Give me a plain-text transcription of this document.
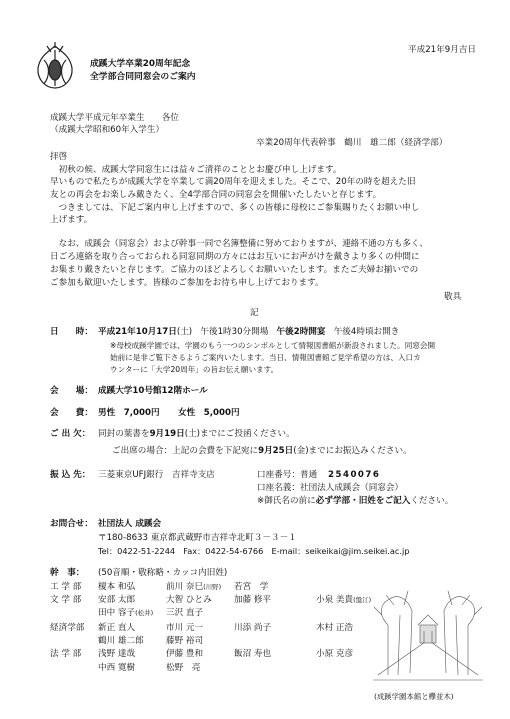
平成21年9月吉日
成蹊大学卒業20周年記念
全学部合同同窓会のご案内
成蹊大学平成元年卒業生　　各位
（成蹊大学昭和60年入学生）
卒業20周年代表幹事　鶴川　雄二郎（経済学部）
拝啓
　初秋の候、成蹊大学同窓生には益々ご清祥のこととお慶び申し上げます。
早いもので私たちが成蹊大学を卒業して満20周年を迎えました。そこで、20年の時を超えた旧
友との再会をお楽しみ戴きたく、全4学部合同の同窓会を開催いたしたいと存じます。
　つきましては、下記ご案内申し上げますので、多くの皆様に母校にご参集賜りたくお願い申し
上げます。
　なお、成蹊会（同窓会）および幹事一同で名簿整備に努めておりますが、連絡不通の方も多く、
日ごろ連絡を取り合っておられる同窓同期の方々にはお互いにお声がけを戴きより多くの仲間に
お集まり戴きたいと存じます。ご協力のほどよろしくお願いいたします。またご夫婦お揃いでの
ご参加も歓迎いたします。皆様のご参加をお待ち申し上げております。
敬具
記
日　　時： 平成21年10月17日(土) 午後1時30分開場 午後2時開宴 午後4時頃お開き
※母校成蹊学園では、学園のもう一つのシンボルとして情報図書館が新設されました。同窓会開
始前に是非ご覧下さるようご案内いたします。当日、情報図書館ご見学希望の方は、入口カ
ウンターに「大学20周年」の旨お伝え願います。
会　　場： 成蹊大学10号館12階ホール
会　　費： 男性　7,000円 女性　5,000円
ご 出 欠： 同封の葉書を9月19日(土)までにご投函ください。
ご出席の場合：上記の会費を下記宛に9月25日(金)までにお振込みください。
振 込 先： 三菱東京UFJ銀行　吉祥寺支店	口座番号：普通 2540076
口座名義：社団法人成蹊会（同窓会）
※御氏名の前に必ず学部・旧姓をご記入ください。
お問合せ： 社団法人 成蹊会
〒180-8633 東京都武蔵野市吉祥寺北町３－３－１
Tel：0422-51-2244　Fax：0422-54-6766　E-mail：seikeikai@jim.seikei.ac.jp
幹　事： (50音順・敬称略・カッコ内旧姓)
工 学 部 榎本 和弘	前川 奈巳(川野) 若宮　学
文 学 部 安部 太郎	大智 ひとみ	加藤 修平	小泉 美貴(盤江)
田中 容子(松井) 三沢 直子
経済学部 新正 直人	市川 元一	川添 尚子	木村 正浩
鶴川 雄二郎	藤野 裕司
法 学 部 浅野 達哉	伊藤 豊和	飯沼 寿也	小原 克彦
中西 寛樹	松野　亮
(成蹊学園本館と欅並木)
